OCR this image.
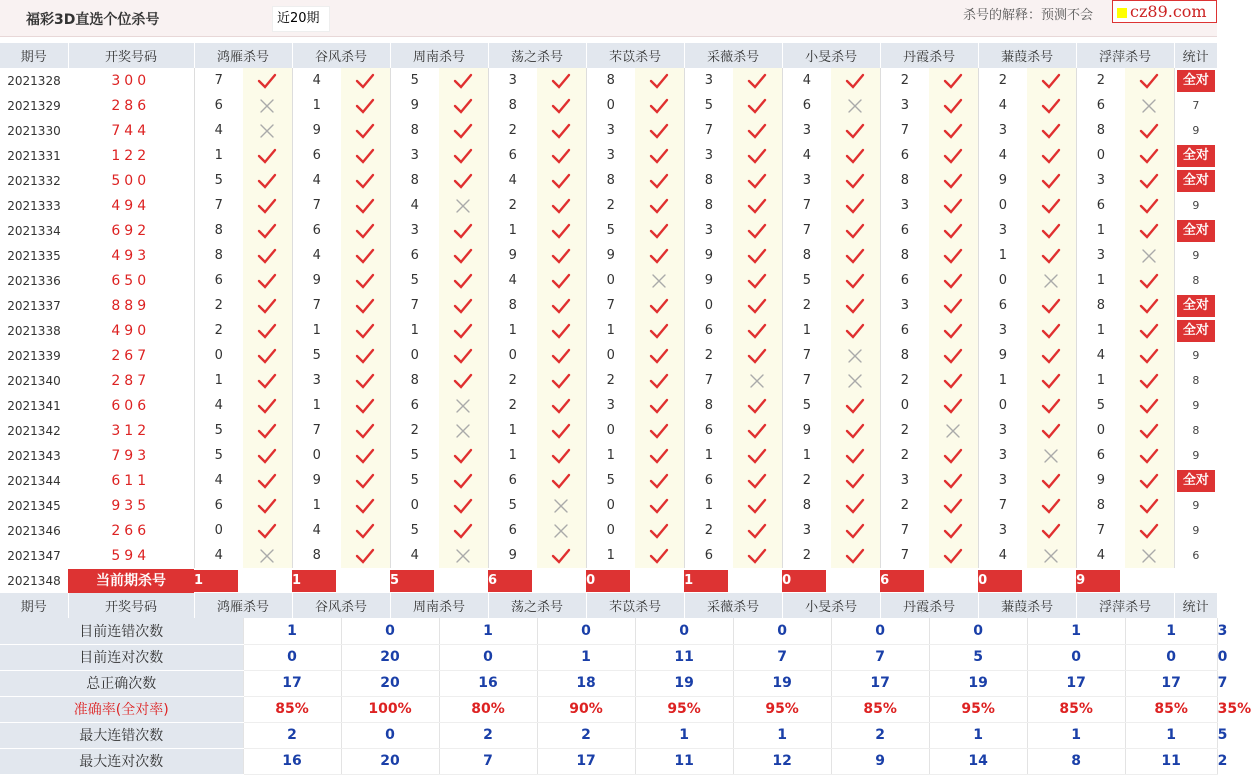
福彩3D直选个位杀号	近20期	杀号的解释：预测不会	cz89.com
期号	开奖号码	鸿雁杀号		谷风杀号		周南杀号		荡之杀号		芣苡杀号		采薇杀号		小旻杀号		丹霞杀号		蒹葭杀号		浮萍杀号		统计
2021328	300	7		4		5		3		8		3		4		2		2		2		全对
2021329	286	6		1		9		8		0		5		6		3		4		6		7
2021330	744	4		9		8		2		3		7		3		7		3		8		9
2021331	122	1		6		3		6		3		3		4		6		4		0		全对
2021332	500	5		4		8		4		8		8		3		8		9		3		全对
2021333	494	7		7		4		2		2		8		7		3		0		6		9
2021334	692	8		6		3		1		5		3		7		6		3		1		全对
2021335	493	8		4		6		9		9		9		8		8		1		3		9
2021336	650	6		9		5		4		0		9		5		6		0		1		8
2021337	889	2		7		7		8		7		0		2		3		6		8		全对
2021338	490	2		1		1		1		1		6		1		6		3		1		全对
2021339	267	0		5		0		0		0		2		7		8		9		4		9
2021340	287	1		3		8		2		2		7		7		2		1		1		8
2021341	606	4		1		6		2		3		8		5		0		0		5		9
2021342	312	5		7		2		1		0		6		9		2		3		0		8
2021343	793	5		0		5		1		1		1		1		2		3		6		9
2021344	611	4		9		5		6		5		6		2		3		3		9		全对
2021345	935	6		1		0		5		0		1		8		2		7		8		9
2021346	266	0		4		5		6		0		2		3		7		3		7		9
2021347	594	4		8		4		9		1		6		2		7		4		4		6
2021348	当前期杀号	1		1		5		6		0		1		0		6		0		9		
期号	开奖号码	鸿雁杀号		谷风杀号		周南杀号		荡之杀号		芣苡杀号		采薇杀号		小旻杀号		丹霞杀号		蒹葭杀号		浮萍杀号		统计	
目前连错次数			1		0		1		0		0		0		0		0		1		1		3
目前连对次数			0		20		0		1		11		7		7		5		0		0		0
总正确次数			17		20		16		18		19		19		17		19		17		17		7
准确率(全对率)			85%		100%		80%		90%		95%		95%		85%		95%		85%		85%		35%
最大连错次数			2		0		2		2		1		1		2		1		1		1		5
最大连对次数			16		20		7		17		11		12		9		14		8		11		2
